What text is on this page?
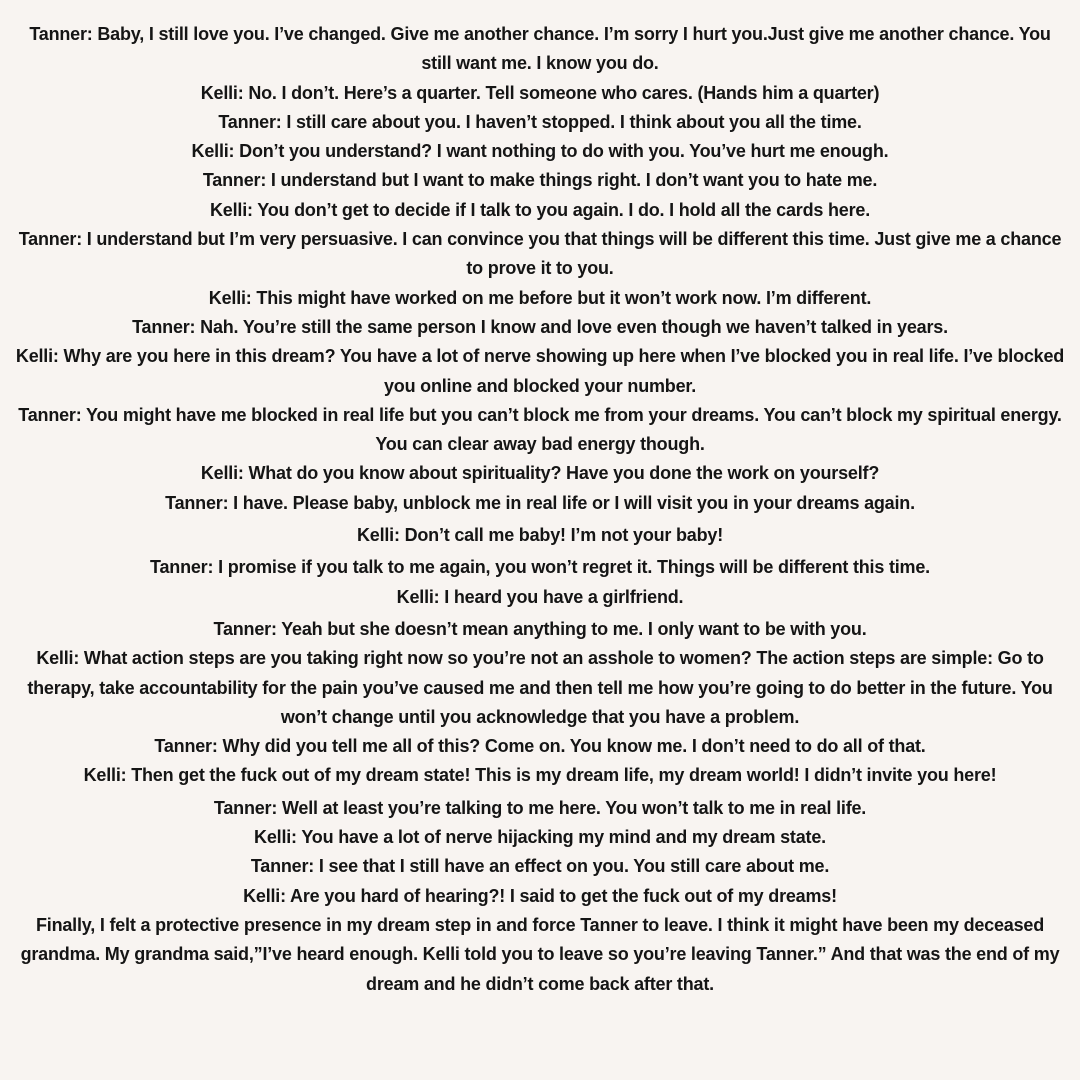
Tanner: Baby, I still love you. I’ve changed. Give me another chance. I’m sorry I hurt you.Just give me another chance. You still want me. I know you do.

Kelli: No. I don’t. Here’s a quarter. Tell someone who cares. (Hands him a quarter)

Tanner: I still care about you. I haven’t stopped. I think about you all the time.

Kelli: Don’t you understand? I want nothing to do with you. You’ve hurt me enough.

Tanner: I understand but I want to make things right. I don’t want you to hate me.

Kelli: You don’t get to decide if I talk to you again. I do. I hold all the cards here.

Tanner: I understand but I’m very persuasive. I can convince you that things will be different this time. Just give me a chance to prove it to you.

Kelli: This might have worked on me before but it won’t work now. I’m different.

Tanner: Nah. You’re still the same person I know and love even though we haven’t talked in years.

Kelli: Why are you here in this dream? You have a lot of nerve showing up here when I’ve blocked you in real life. I’ve blocked you online and blocked your number.

Tanner: You might have me blocked in real life but you can’t block me from your dreams. You can’t block my spiritual energy. You can clear away bad energy though.

Kelli: What do you know about spirituality? Have you done the work on yourself?

Tanner: I have. Please baby, unblock me in real life or I will visit you in your dreams again.

Kelli: Don’t call me baby! I’m not your baby!

Tanner: I promise if you talk to me again, you won’t regret it. Things will be different this time.

Kelli: I heard you have a girlfriend.

Tanner: Yeah but she doesn’t mean anything to me. I only want to be with you.

Kelli: What action steps are you taking right now so you’re not an asshole to women? The action steps are simple: Go to therapy, take accountability for the pain you’ve caused me and then tell me how you’re going to do better in the future. You won’t change until you acknowledge that you have a problem.

Tanner: Why did you tell me all of this? Come on. You know me. I don’t need to do all of that.

Kelli: Then get the fuck out of my dream state! This is my dream life, my dream world! I didn’t invite you here!

Tanner: Well at least you’re talking to me here. You won’t talk to me in real life.

Kelli: You have a lot of nerve hijacking my mind and my dream state.

Tanner: I see that I still have an effect on you. You still care about me.

Kelli: Are you hard of hearing?! I said to get the fuck out of my dreams!

Finally, I felt a protective presence in my dream step in and force Tanner to leave. I think it might have been my deceased grandma. My grandma said,”I’ve heard enough. Kelli told you to leave so you’re leaving Tanner.” And that was the end of my dream and he didn’t come back after that.
